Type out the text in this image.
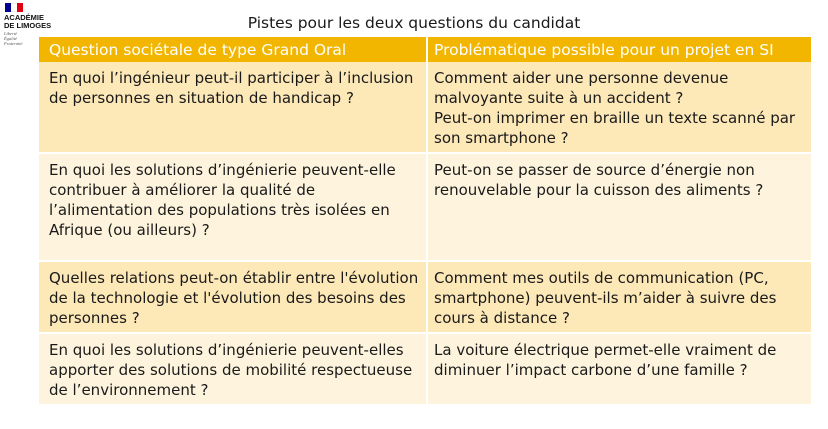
ACADÉMIE
DE LIMOGES
Liberté
Égalité
Fraternité
Pistes pour les deux questions du candidat
Question sociétale de type Grand Oral	Problématique possible pour un projet en SI
En quoi l’ingénieur peut-il participer à l’inclusion de personnes en situation de handicap ?	Comment aider une personne devenue malvoyante suite à un accident ?
Peut-on imprimer en braille un texte scanné par son smartphone ?

En quoi les solutions d’ingénierie peuvent-elle contribuer à améliorer la qualité de l’alimentation des populations très isolées en Afrique (ou ailleurs) ?	Peut-on se passer de source d’énergie non renouvelable pour la cuisson des aliments ?
Quelles relations peut-on établir entre l'évolution de la technologie et l'évolution des besoins des personnes ?	Comment mes outils de communication (PC, smartphone) peuvent-ils m’aider à suivre des cours à distance ?
En quoi les solutions d’ingénierie peuvent-elles apporter des solutions de mobilité respectueuse de l’environnement ?	La voiture électrique permet-elle vraiment de diminuer l’impact carbone d’une famille ?
